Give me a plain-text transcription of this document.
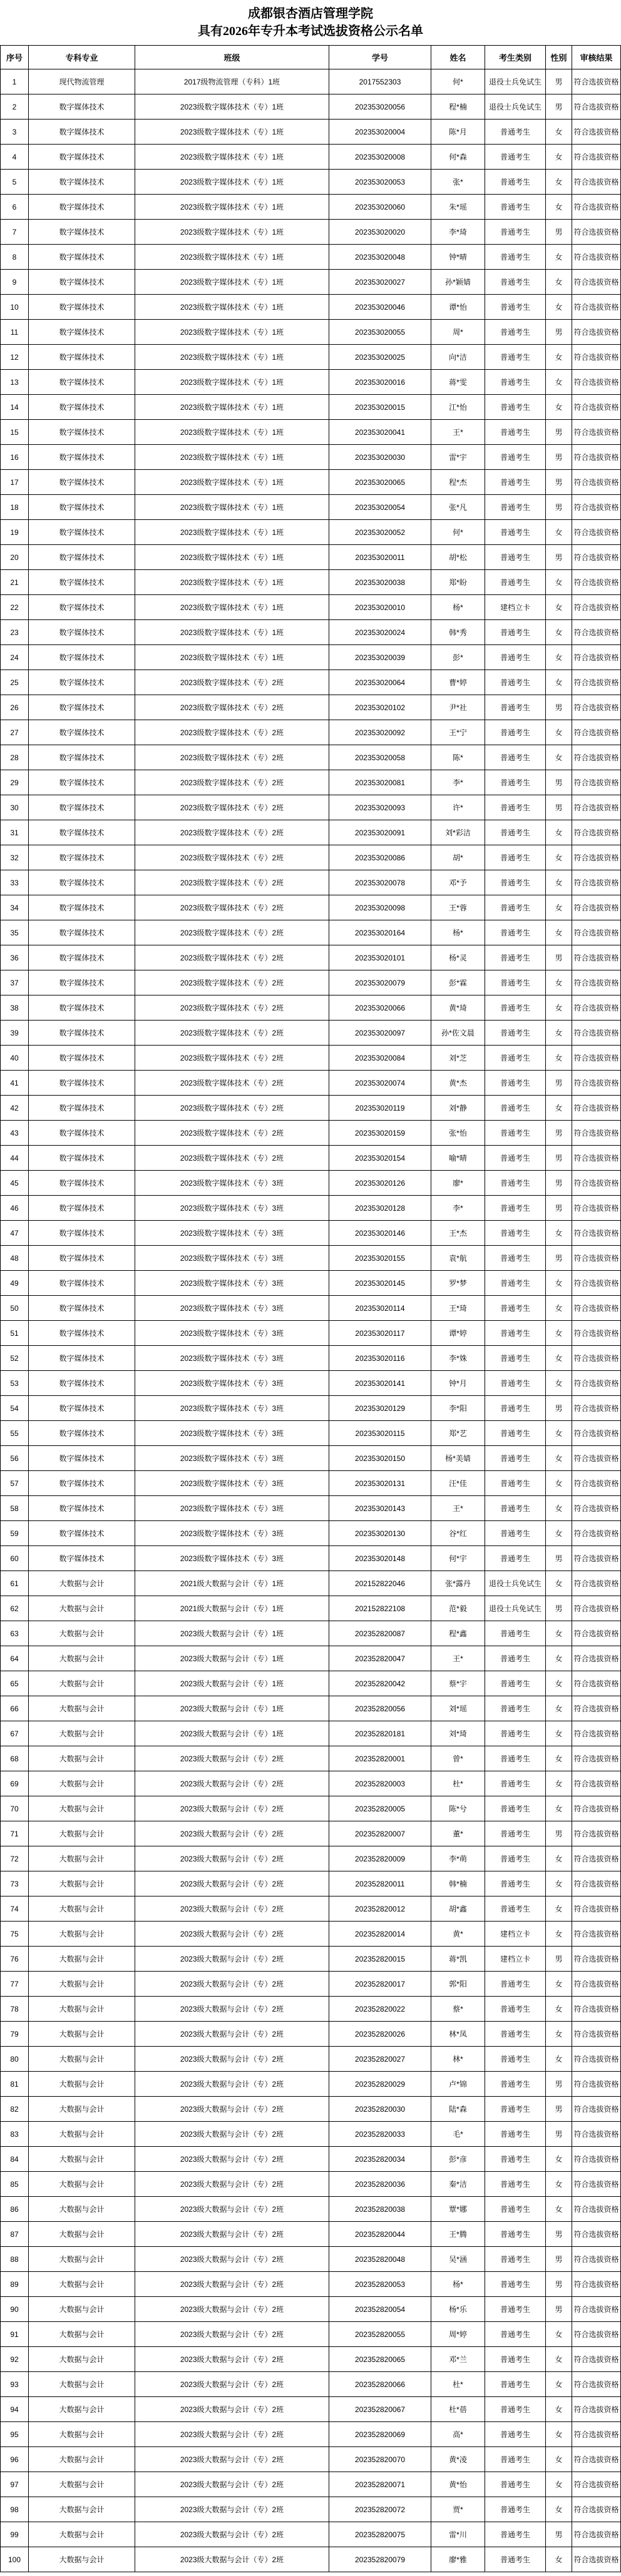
成都银杏酒店管理学院
具有2026年专升本考试选拔资格公示名单
序号	专科专业	班级	学号	姓名	考生类别	性别	审核结果
1	现代物流管理	2017级物流管理（专科）1班	2017552303	何*	退役士兵免试生	男	符合选拔资格
2	数字媒体技术	2023级数字媒体技术（专）1班	202353020056	程*楠	退役士兵免试生	男	符合选拔资格
3	数字媒体技术	2023级数字媒体技术（专）1班	202353020004	陈*月	普通考生	女	符合选拔资格
4	数字媒体技术	2023级数字媒体技术（专）1班	202353020008	何*森	普通考生	女	符合选拔资格
5	数字媒体技术	2023级数字媒体技术（专）1班	202353020053	张*	普通考生	女	符合选拔资格
6	数字媒体技术	2023级数字媒体技术（专）1班	202353020060	朱*瑶	普通考生	女	符合选拔资格
7	数字媒体技术	2023级数字媒体技术（专）1班	202353020020	李*琦	普通考生	男	符合选拔资格
8	数字媒体技术	2023级数字媒体技术（专）1班	202353020048	钟*晴	普通考生	女	符合选拔资格
9	数字媒体技术	2023级数字媒体技术（专）1班	202353020027	孙*颖婧	普通考生	女	符合选拔资格
10	数字媒体技术	2023级数字媒体技术（专）1班	202353020046	谭*怡	普通考生	女	符合选拔资格
11	数字媒体技术	2023级数字媒体技术（专）1班	202353020055	周*	普通考生	男	符合选拔资格
12	数字媒体技术	2023级数字媒体技术（专）1班	202353020025	向*洁	普通考生	女	符合选拔资格
13	数字媒体技术	2023级数字媒体技术（专）1班	202353020016	蒋*雯	普通考生	女	符合选拔资格
14	数字媒体技术	2023级数字媒体技术（专）1班	202353020015	江*怡	普通考生	女	符合选拔资格
15	数字媒体技术	2023级数字媒体技术（专）1班	202353020041	王*	普通考生	男	符合选拔资格
16	数字媒体技术	2023级数字媒体技术（专）1班	202353020030	雷*宇	普通考生	男	符合选拔资格
17	数字媒体技术	2023级数字媒体技术（专）1班	202353020065	程*杰	普通考生	男	符合选拔资格
18	数字媒体技术	2023级数字媒体技术（专）1班	202353020054	张*凡	普通考生	男	符合选拔资格
19	数字媒体技术	2023级数字媒体技术（专）1班	202353020052	何*	普通考生	女	符合选拔资格
20	数字媒体技术	2023级数字媒体技术（专）1班	202353020011	胡*松	普通考生	男	符合选拔资格
21	数字媒体技术	2023级数字媒体技术（专）1班	202353020038	郑*盼	普通考生	女	符合选拔资格
22	数字媒体技术	2023级数字媒体技术（专）1班	202353020010	杨*	建档立卡	女	符合选拔资格
23	数字媒体技术	2023级数字媒体技术（专）1班	202353020024	韩*秀	普通考生	女	符合选拔资格
24	数字媒体技术	2023级数字媒体技术（专）1班	202353020039	彭*	普通考生	女	符合选拔资格
25	数字媒体技术	2023级数字媒体技术（专）2班	202353020064	曹*婷	普通考生	女	符合选拔资格
26	数字媒体技术	2023级数字媒体技术（专）2班	202353020102	尹*社	普通考生	男	符合选拔资格
27	数字媒体技术	2023级数字媒体技术（专）2班	202353020092	王*宁	普通考生	女	符合选拔资格
28	数字媒体技术	2023级数字媒体技术（专）2班	202353020058	陈*	普通考生	女	符合选拔资格
29	数字媒体技术	2023级数字媒体技术（专）2班	202353020081	李*	普通考生	男	符合选拔资格
30	数字媒体技术	2023级数字媒体技术（专）2班	202353020093	许*	普通考生	男	符合选拔资格
31	数字媒体技术	2023级数字媒体技术（专）2班	202353020091	刘*彩洁	普通考生	女	符合选拔资格
32	数字媒体技术	2023级数字媒体技术（专）2班	202353020086	胡*	普通考生	女	符合选拔资格
33	数字媒体技术	2023级数字媒体技术（专）2班	202353020078	邓*予	普通考生	女	符合选拔资格
34	数字媒体技术	2023级数字媒体技术（专）2班	202353020098	王*蓉	普通考生	女	符合选拔资格
35	数字媒体技术	2023级数字媒体技术（专）2班	202353020164	杨*	普通考生	女	符合选拔资格
36	数字媒体技术	2023级数字媒体技术（专）2班	202353020101	杨*灵	普通考生	男	符合选拔资格
37	数字媒体技术	2023级数字媒体技术（专）2班	202353020079	彭*霖	普通考生	女	符合选拔资格
38	数字媒体技术	2023级数字媒体技术（专）2班	202353020066	黄*琦	普通考生	女	符合选拔资格
39	数字媒体技术	2023级数字媒体技术（专）2班	202353020097	孙*佐文晨	普通考生	女	符合选拔资格
40	数字媒体技术	2023级数字媒体技术（专）2班	202353020084	刘*芝	普通考生	女	符合选拔资格
41	数字媒体技术	2023级数字媒体技术（专）2班	202353020074	黄*杰	普通考生	男	符合选拔资格
42	数字媒体技术	2023级数字媒体技术（专）2班	202353020119	刘*静	普通考生	女	符合选拔资格
43	数字媒体技术	2023级数字媒体技术（专）2班	202353020159	张*怡	普通考生	男	符合选拔资格
44	数字媒体技术	2023级数字媒体技术（专）2班	202353020154	喻*晴	普通考生	男	符合选拔资格
45	数字媒体技术	2023级数字媒体技术（专）3班	202353020126	廖*	普通考生	男	符合选拔资格
46	数字媒体技术	2023级数字媒体技术（专）3班	202353020128	李*	普通考生	男	符合选拔资格
47	数字媒体技术	2023级数字媒体技术（专）3班	202353020146	王*杰	普通考生	女	符合选拔资格
48	数字媒体技术	2023级数字媒体技术（专）3班	202353020155	袁*航	普通考生	男	符合选拔资格
49	数字媒体技术	2023级数字媒体技术（专）3班	202353020145	罗*梦	普通考生	女	符合选拔资格
50	数字媒体技术	2023级数字媒体技术（专）3班	202353020114	王*琦	普通考生	女	符合选拔资格
51	数字媒体技术	2023级数字媒体技术（专）3班	202353020117	谭*婷	普通考生	女	符合选拔资格
52	数字媒体技术	2023级数字媒体技术（专）3班	202353020116	李*姝	普通考生	女	符合选拔资格
53	数字媒体技术	2023级数字媒体技术（专）3班	202353020141	钟*月	普通考生	女	符合选拔资格
54	数字媒体技术	2023级数字媒体技术（专）3班	202353020129	李*阳	普通考生	男	符合选拔资格
55	数字媒体技术	2023级数字媒体技术（专）3班	202353020115	郑*艺	普通考生	女	符合选拔资格
56	数字媒体技术	2023级数字媒体技术（专）3班	202353020150	杨*美婧	普通考生	女	符合选拔资格
57	数字媒体技术	2023级数字媒体技术（专）3班	202353020131	汪*佳	普通考生	女	符合选拔资格
58	数字媒体技术	2023级数字媒体技术（专）3班	202353020143	王*	普通考生	女	符合选拔资格
59	数字媒体技术	2023级数字媒体技术（专）3班	202353020130	谷*红	普通考生	女	符合选拔资格
60	数字媒体技术	2023级数字媒体技术（专）3班	202353020148	何*宇	普通考生	男	符合选拔资格
61	大数据与会计	2021级大数据与会计（专）1班	202152822046	张*露丹	退役士兵免试生	女	符合选拔资格
62	大数据与会计	2021级大数据与会计（专）1班	202152822108	范*毅	退役士兵免试生	男	符合选拔资格
63	大数据与会计	2023级大数据与会计（专）1班	202352820087	程*鑫	普通考生	女	符合选拔资格
64	大数据与会计	2023级大数据与会计（专）1班	202352820047	王*	普通考生	女	符合选拔资格
65	大数据与会计	2023级大数据与会计（专）1班	202352820042	蔡*宇	普通考生	女	符合选拔资格
66	大数据与会计	2023级大数据与会计（专）1班	202352820056	刘*瑶	普通考生	女	符合选拔资格
67	大数据与会计	2023级大数据与会计（专）1班	202352820181	刘*琦	普通考生	女	符合选拔资格
68	大数据与会计	2023级大数据与会计（专）2班	202352820001	曾*	普通考生	女	符合选拔资格
69	大数据与会计	2023级大数据与会计（专）2班	202352820003	杜*	普通考生	女	符合选拔资格
70	大数据与会计	2023级大数据与会计（专）2班	202352820005	陈*兮	普通考生	女	符合选拔资格
71	大数据与会计	2023级大数据与会计（专）2班	202352820007	董*	普通考生	男	符合选拔资格
72	大数据与会计	2023级大数据与会计（专）2班	202352820009	李*萌	普通考生	女	符合选拔资格
73	大数据与会计	2023级大数据与会计（专）2班	202352820011	韩*楠	普通考生	女	符合选拔资格
74	大数据与会计	2023级大数据与会计（专）2班	202352820012	胡*鑫	普通考生	女	符合选拔资格
75	大数据与会计	2023级大数据与会计（专）2班	202352820014	黄*	建档立卡	女	符合选拔资格
76	大数据与会计	2023级大数据与会计（专）2班	202352820015	蒋*凯	建档立卡	男	符合选拔资格
77	大数据与会计	2023级大数据与会计（专）2班	202352820017	郭*阳	普通考生	女	符合选拔资格
78	大数据与会计	2023级大数据与会计（专）2班	202352820022	蔡*	普通考生	女	符合选拔资格
79	大数据与会计	2023级大数据与会计（专）2班	202352820026	林*凤	普通考生	女	符合选拔资格
80	大数据与会计	2023级大数据与会计（专）2班	202352820027	林*	普通考生	女	符合选拔资格
81	大数据与会计	2023级大数据与会计（专）2班	202352820029	卢*锦	普通考生	男	符合选拔资格
82	大数据与会计	2023级大数据与会计（专）2班	202352820030	陆*森	普通考生	男	符合选拔资格
83	大数据与会计	2023级大数据与会计（专）2班	202352820033	毛*	普通考生	男	符合选拔资格
84	大数据与会计	2023级大数据与会计（专）2班	202352820034	彭*彦	普通考生	女	符合选拔资格
85	大数据与会计	2023级大数据与会计（专）2班	202352820036	秦*洁	普通考生	女	符合选拔资格
86	大数据与会计	2023级大数据与会计（专）2班	202352820038	覃*娜	普通考生	女	符合选拔资格
87	大数据与会计	2023级大数据与会计（专）2班	202352820044	王*腾	普通考生	男	符合选拔资格
88	大数据与会计	2023级大数据与会计（专）2班	202352820048	吴*涵	普通考生	男	符合选拔资格
89	大数据与会计	2023级大数据与会计（专）2班	202352820053	杨*	普通考生	男	符合选拔资格
90	大数据与会计	2023级大数据与会计（专）2班	202352820054	杨*乐	普通考生	男	符合选拔资格
91	大数据与会计	2023级大数据与会计（专）2班	202352820055	周*婷	普通考生	女	符合选拔资格
92	大数据与会计	2023级大数据与会计（专）2班	202352820065	邓*兰	普通考生	女	符合选拔资格
93	大数据与会计	2023级大数据与会计（专）2班	202352820066	杜*	普通考生	女	符合选拔资格
94	大数据与会计	2023级大数据与会计（专）2班	202352820067	杜*蓓	普通考生	女	符合选拔资格
95	大数据与会计	2023级大数据与会计（专）2班	202352820069	高*	普通考生	女	符合选拔资格
96	大数据与会计	2023级大数据与会计（专）2班	202352820070	黄*凌	普通考生	女	符合选拔资格
97	大数据与会计	2023级大数据与会计（专）2班	202352820071	黄*怡	普通考生	女	符合选拔资格
98	大数据与会计	2023级大数据与会计（专）2班	202352820072	贾*	普通考生	女	符合选拔资格
99	大数据与会计	2023级大数据与会计（专）2班	202352820075	雷*川	普通考生	男	符合选拔资格
100	大数据与会计	2023级大数据与会计（专）2班	202352820079	廖*雅	普通考生	女	符合选拔资格
